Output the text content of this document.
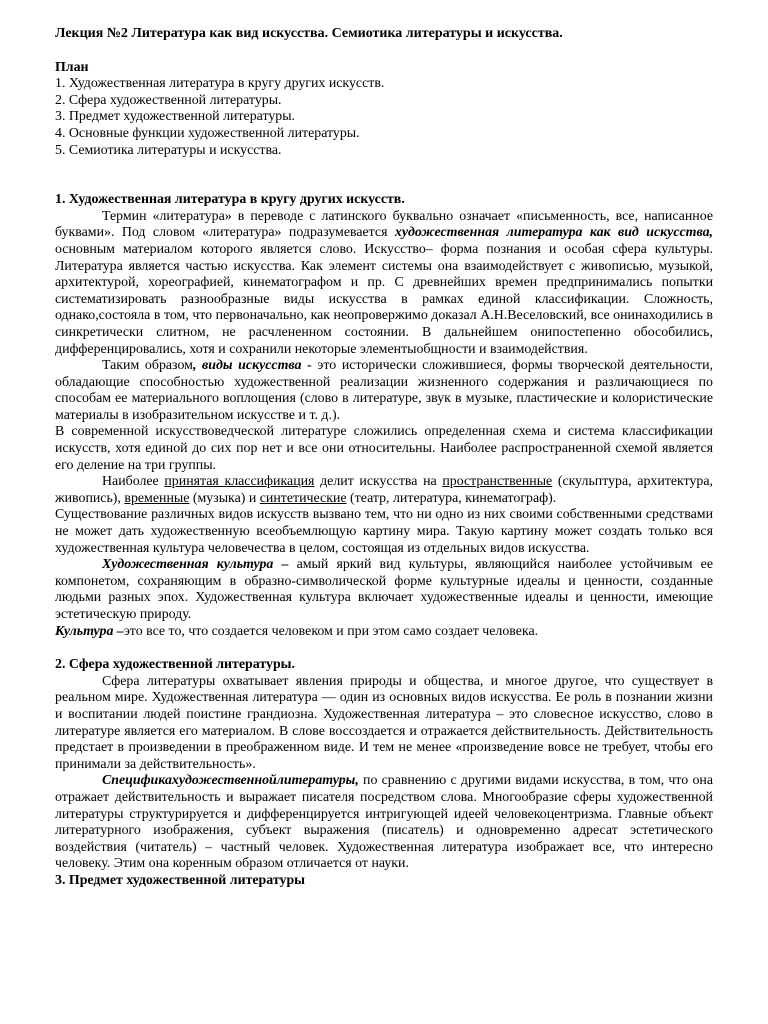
Лекция №2 Литература как вид искусства. Семиотика литературы и искусства.

План

1. Художественная литература в кругу других искусств.

2. Сфера художественной литературы.

3. Предмет художественной литературы.

4. Основные функции художественной литературы.

5. Семиотика литературы и искусства.

1. Художественная литература в кругу других искусств.

Термин «литература» в переводе с латинского буквально означает «письменность, все, написанное буквами». Под словом «литература» подразумевается художественная литература как вид искусства, основным материалом которого является слово. Искусство– форма познания и особая сфера культуры. Литература является частью искусства. Как элемент системы она взаимодействует с живописью, музыкой, архитектурой, хореографией, кинематографом и пр. С древнейших времен предпринимались попытки систематизировать разнообразные виды искусства в рамках единой классификации. Сложность, однако,состояла в том, что первоначально, как неопровержимо доказал А.Н.Веселовский, все онинаходились в синкретически слитном, не расчлененном состоянии. В дальнейшем онипостепенно обособились, дифференцировались, хотя и сохранили некоторые элементыобщности и взаимодействия.

Таким образом, виды искусства - это исторически сложившиеся, формы творческой деятельности, обладающие способностью художественной реализации жизненного содержания и различающиеся по способам ее материального воплощения (слово в литературе, звук в музыке, пластические и колористические материалы в изобразительном искусстве и т. д.).

В современной искусствоведческой литературе сложились определенная схема и система классификации искусств, хотя единой до сих пор нет и все они относительны. Наиболее распространенной схемой является его деление на три группы.

Наиболее принятая классификация делит искусства на пространственные (скульптура, архитектура, живопись), временные (музыка) и синтетические (театр, литература, кинематограф).

Существование различных видов искусств вызвано тем, что ни одно из них своими собственными средствами не может дать художественную всеобъемлющую картину мира. Такую картину может создать только вся художественная культура человечества в целом, состоящая из отдельных видов искусства.

Художественная культура – амый яркий вид культуры, являющийся наиболее устойчивым ее компонетом, сохраняющим в образно-символической форме культурные идеалы и ценности, созданные людьми разных эпох. Художественная культура включает художественные идеалы и ценности, имеющие эстетическую природу.

Культура –это все то, что создается человеком и при этом само создает человека.

2. Сфера художественной литературы.

Сфера литературы охватывает явления природы и общества, и многое другое, что существует в реальном мире. Художественная литература — один из основных видов искусства. Ее роль в познании жизни и воспитании людей поистине грандиозна. Художественная литература – это словесное искусство, слово в литературе является его материалом. В слове воссоздается и отражается действительность. Действительность предстает в произведении в преображенном виде. И тем не менее «произведение вовсе не требует, чтобы его принимали за действительность».

Спецификахудожественнойлитературы, по сравнению с другими видами искусства, в том, что она отражает действительность и выражает писателя посредством слова. Многообразие сферы художественной литературы структурируется и дифференцируется интригующей идеей человекоцентризма. Главные объект литературного изображения, субъект выражения (писатель) и одновременно адресат эстетического воздействия (читатель) – частный человек. Художественная литература изображает все, что интересно человеку. Этим она коренным образом отличается от науки.

3. Предмет художественной литературы
